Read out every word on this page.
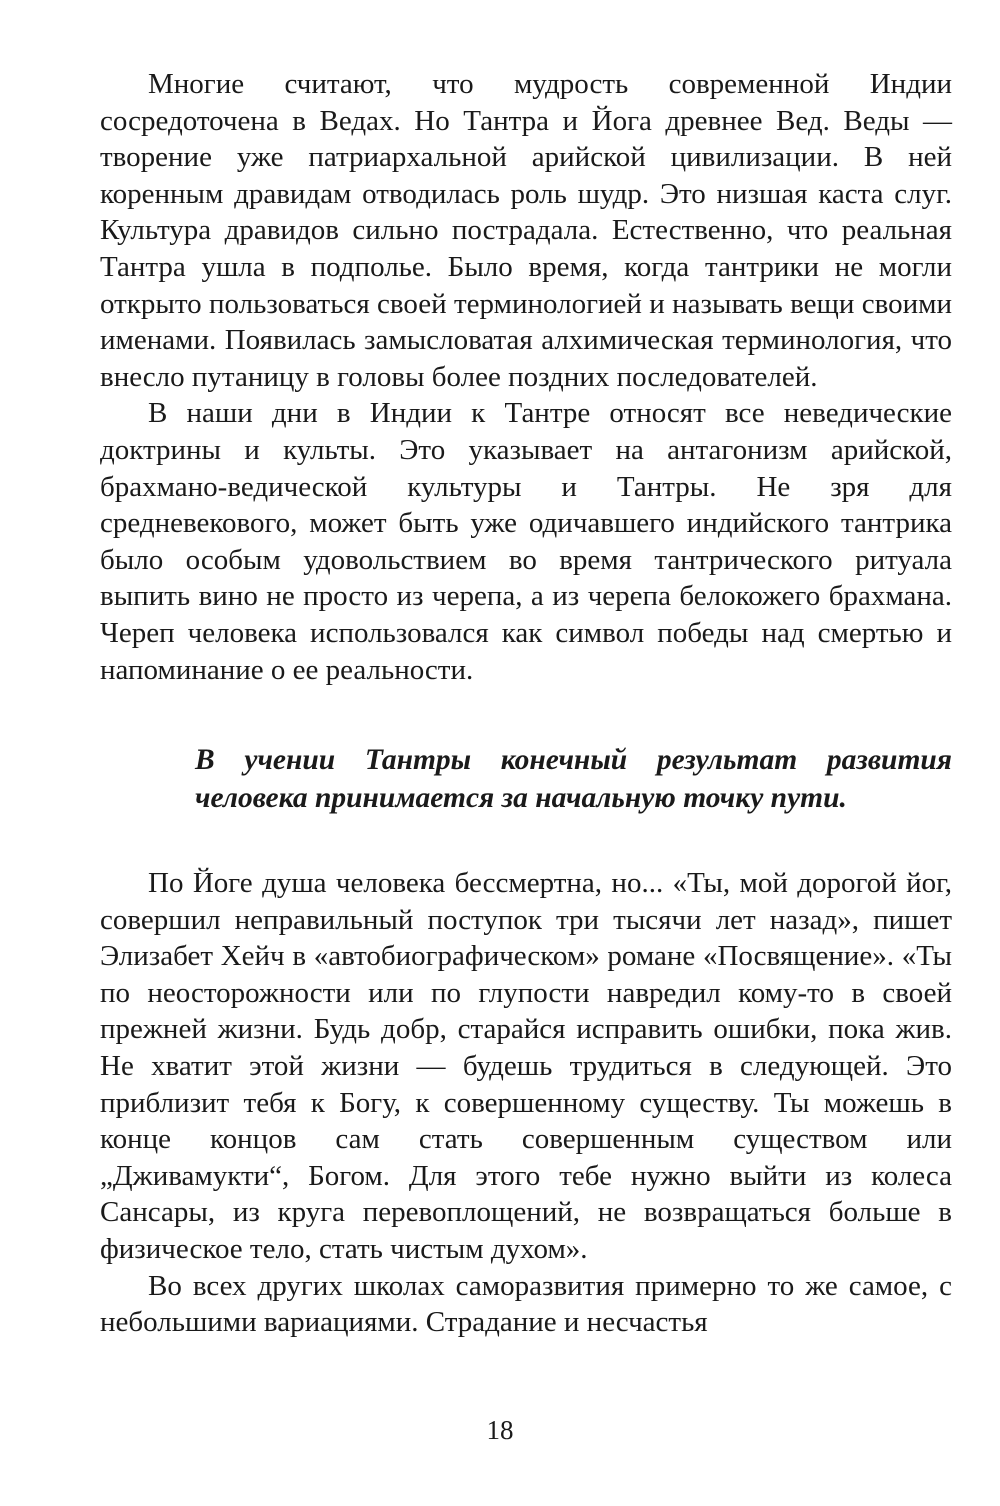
Многие считают, что мудрость современной Индии сосредоточена в Ведах. Но Тантра и Йога древнее Вед. Веды — творение уже патриархальной арийской цивилизации. В ней коренным дравидам отводилась роль шудр. Это низшая каста слуг. Культура дравидов сильно пострадала. Естественно, что реальная Тантра ушла в подполье. Было время, когда тантрики не могли открыто пользоваться своей терминологией и называть вещи своими именами. Появилась замысловатая алхимическая терминология, что внесло путаницу в головы более поздних последователей.

В наши дни в Индии к Тантре относят все неведические доктрины и культы. Это указывает на антагонизм арийской, брахмано-ведической культуры и Тантры. Не зря для средневекового, может быть уже одичавшего индийского тантрика было особым удовольствием во время тантрического ритуала выпить вино не просто из черепа, а из черепа белокожего брахмана. Череп человека использовался как символ победы над смертью и напоминание о ее реальности.

В учении Тантры конечный результат развития человека принимается за начальную точку пути.

По Йоге душа человека бессмертна, но... «Ты, мой дорогой йог, совершил неправильный поступок три тысячи лет назад», пишет Элизабет Хейч в «автобиографическом» романе «Посвящение». «Ты по неосторожности или по глупости навредил кому-то в своей прежней жизни. Будь добр, старайся исправить ошибки, пока жив. Не хватит этой жизни — будешь трудиться в следующей. Это приблизит тебя к Богу, к совершенному существу. Ты можешь в конце концов сам стать совершенным существом или „Дживамукти“, Богом. Для этого тебе нужно выйти из колеса Сансары, из круга перевоплощений, не возвращаться больше в физическое тело, стать чистым духом».

Во всех других школах саморазвития примерно то же самое, с небольшими вариациями. Страдание и несчастья

18
